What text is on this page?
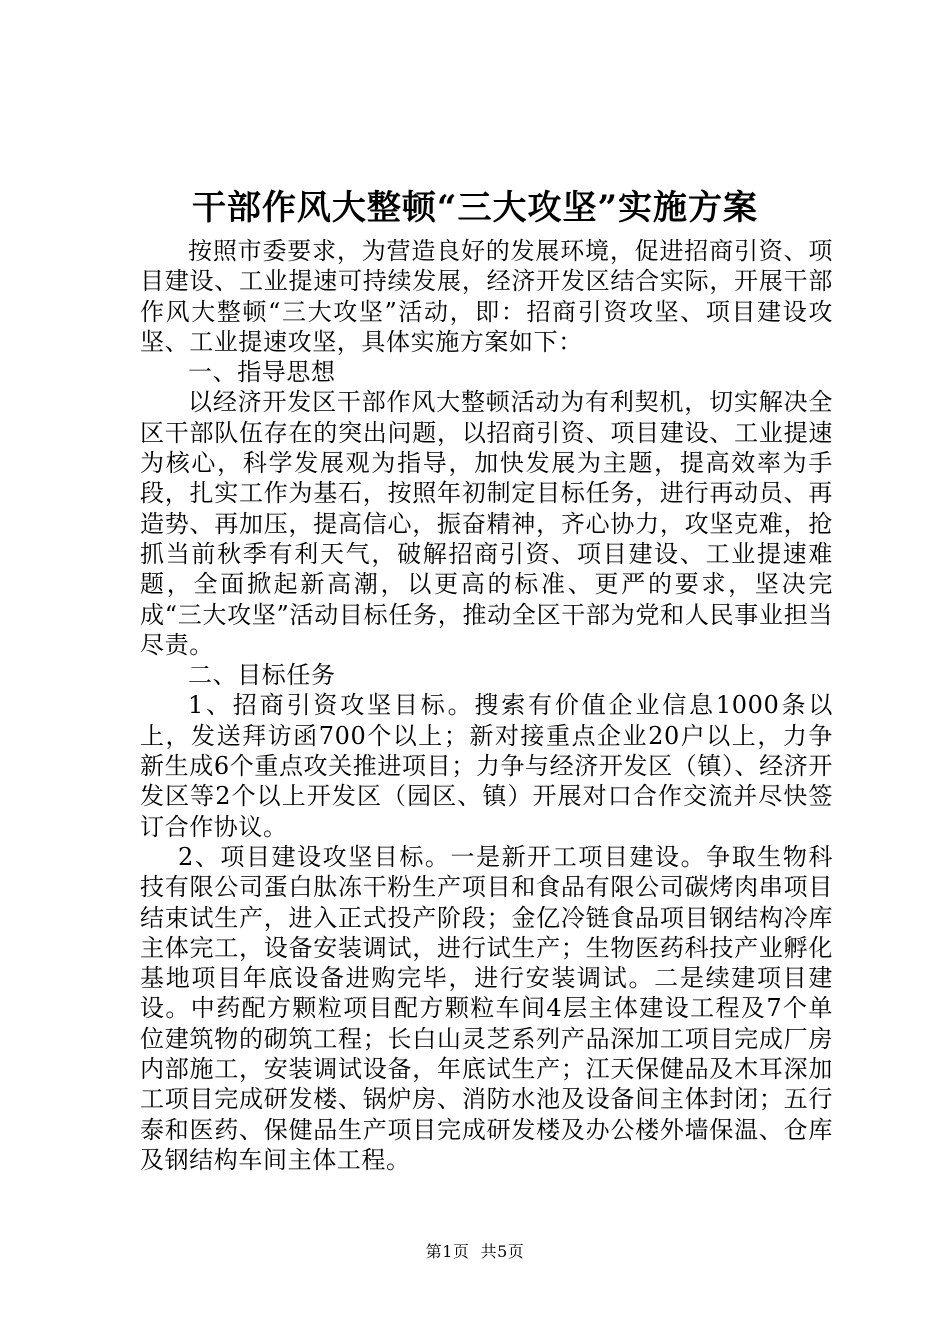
干部作风大整顿“三大攻坚”实施方案

按照市委要求，为营造良好的发展环境，促进招商引资、项目建设、工业提速可持续发展，经济开发区结合实际，开展干部作风大整顿“三大攻坚”活动，即：招商引资攻坚、项目建设攻坚、工业提速攻坚，具体实施方案如下：

一、指导思想

以经济开发区干部作风大整顿活动为有利契机，切实解决全区干部队伍存在的突出问题，以招商引资、项目建设、工业提速为核心，科学发展观为指导，加快发展为主题，提高效率为手段，扎实工作为基石，按照年初制定目标任务，进行再动员、再造势、再加压，提高信心，振奋精神，齐心协力，攻坚克难，抢抓当前秋季有利天气，破解招商引资、项目建设、工业提速难题，全面掀起新高潮，以更高的标准、更严的要求，坚决完成“三大攻坚”活动目标任务，推动全区干部为党和人民事业担当尽责。

二、目标任务

1、招商引资攻坚目标。搜索有价值企业信息1000条以上，发送拜访函700个以上；新对接重点企业20户以上，力争新生成6个重点攻关推进项目；力争与经济开发区（镇）、经济开发区等2个以上开发区（园区、镇）开展对口合作交流并尽快签订合作协议。

2、项目建设攻坚目标。一是新开工项目建设。争取生物科技有限公司蛋白肽冻干粉生产项目和食品有限公司碳烤肉串项目结束试生产，进入正式投产阶段；金亿冷链食品项目钢结构冷库主体完工，设备安装调试，进行试生产；生物医药科技产业孵化基地项目年底设备进购完毕，进行安装调试。二是续建项目建设。中药配方颗粒项目配方颗粒车间4层主体建设工程及7个单位建筑物的砌筑工程；长白山灵芝系列产品深加工项目完成厂房内部施工，安装调试设备，年底试生产；江天保健品及木耳深加工项目完成研发楼、锅炉房、消防水池及设备间主体封闭；五行泰和医药、保健品生产项目完成研发楼及办公楼外墙保温、仓库及钢结构车间主体工程。

第1页 共5页
